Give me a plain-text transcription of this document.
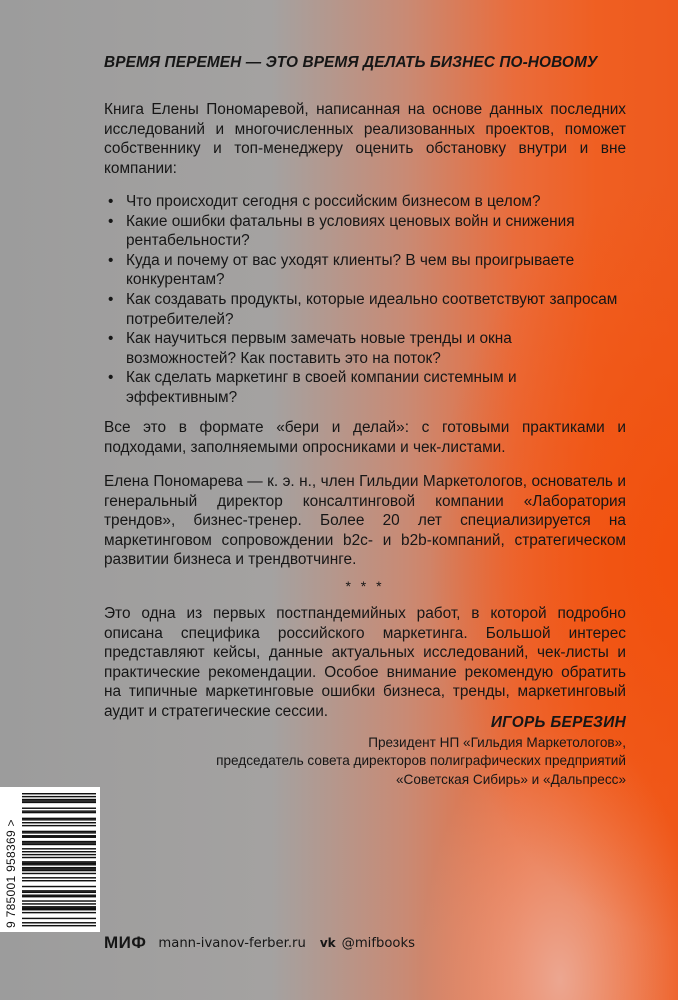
ВРЕМЯ ПЕРЕМЕН — ЭТО ВРЕМЯ ДЕЛАТЬ БИЗНЕС ПО-НОВОМУ

Книга Елены Пономаревой, написанная на основе данных последних исследований и многочисленных реализованных проектов, поможет собственнику и топ-менеджеру оценить обстановку внутри и вне компании:

• Что происходит сегодня с российским бизнесом в целом?
• Какие ошибки фатальны в условиях ценовых войн и снижения рентабельности?
• Куда и почему от вас уходят клиенты? В чем вы проигрываете конкурентам?
• Как создавать продукты, которые идеально соответствуют запросам потребителей?
• Как научиться первым замечать новые тренды и окна возможностей? Как поставить это на поток?
• Как сделать маркетинг в своей компании системным и эффективным?

Все это в формате «бери и делай»: с готовыми практиками и подходами, заполняемыми опросниками и чек-листами.

Елена Пономарева — к. э. н., член Гильдии Маркетологов, основатель и генеральный директор консалтинговой компании «Лаборатория трендов», бизнес-тренер. Более 20 лет специализируется на маркетинговом сопровождении b2c- и b2b-компаний, стратегическом развитии бизнеса и трендвотчинге.

* * *

Это одна из первых постпандемийных работ, в которой подробно описана специфика российского маркетинга. Большой интерес представляют кейсы, данные актуальных исследований, чек-листы и практические рекомендации. Особое внимание рекомендую обратить на типичные маркетинговые ошибки бизнеса, тренды, маркетинговый аудит и стратегические сессии.

ИГОРЬ БЕРЕЗИН
Президент НП «Гильдия Маркетологов»,
председатель совета директоров полиграфических предприятий
«Советская Сибирь» и «Дальпресс»
9 785001 958369 >
МИФ mann-ivanov-ferber.ru vk @mifbooks
